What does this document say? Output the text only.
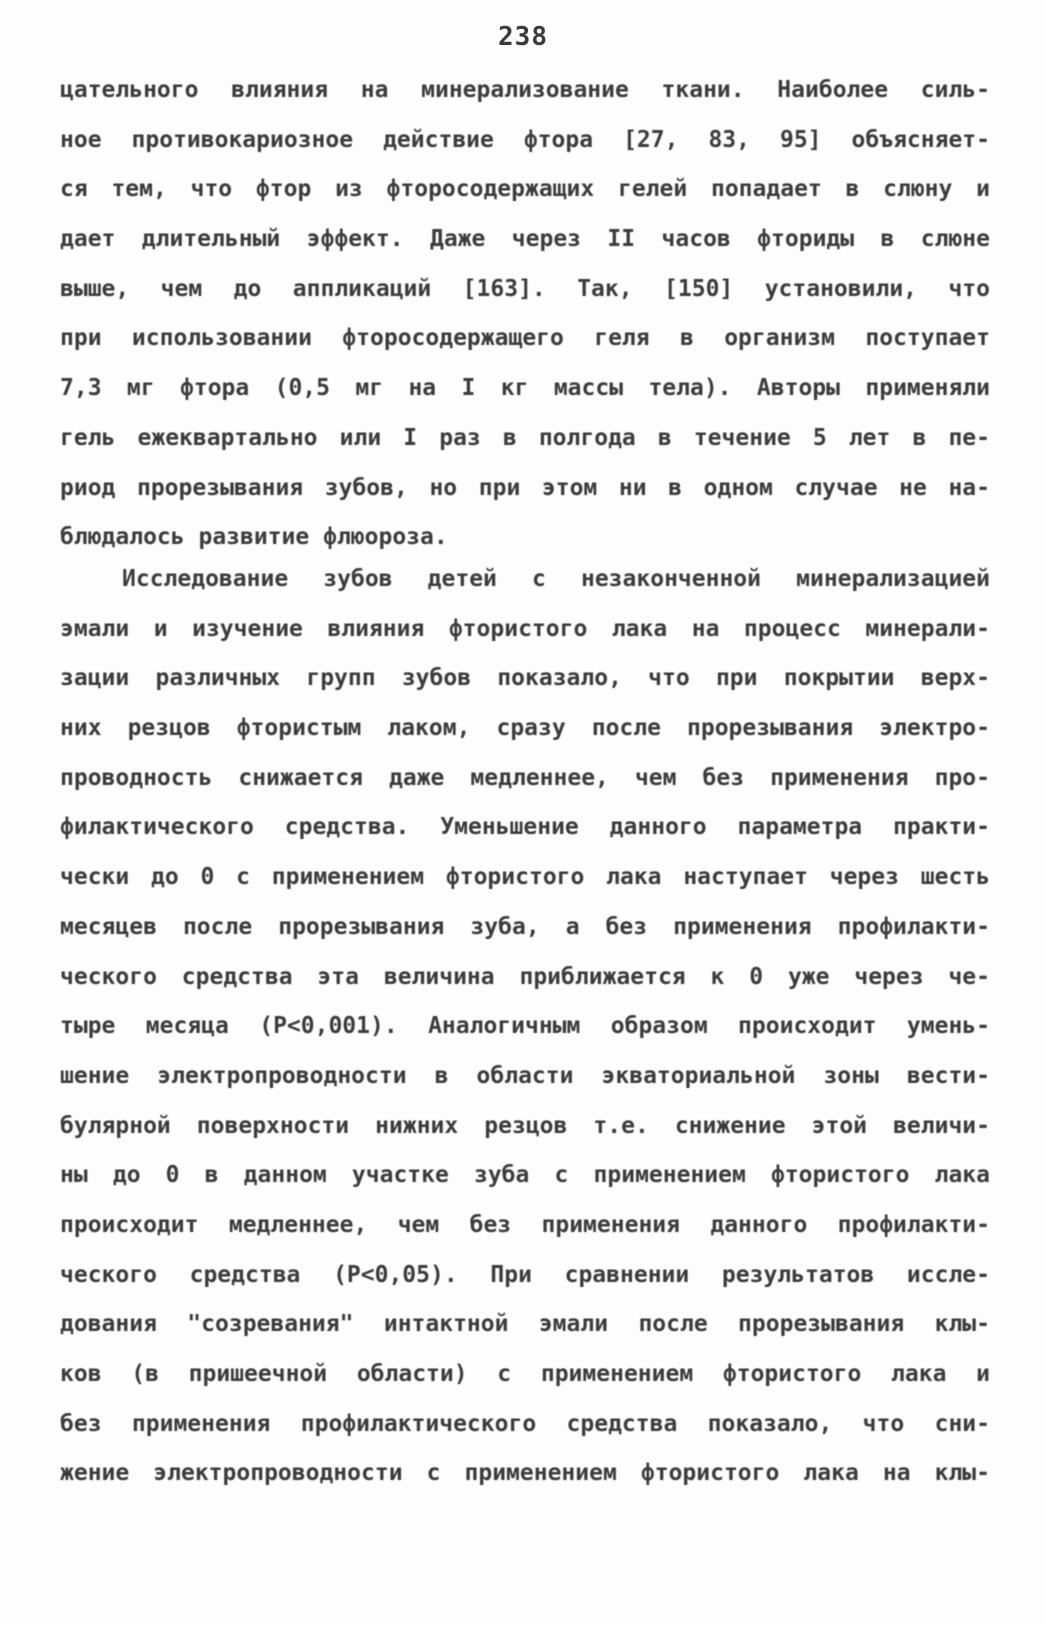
238
цательного влияния на минерализование ткани. Наиболее силь-
ное противокариозное действие фтора [27, 83, 95] объясняет-
ся тем, что фтор из фторосодержащих гелей попадает в слюну и
дает длительный эффект. Даже через II часов фториды в слюне
выше, чем до аппликаций [163]. Так, [150] установили, что
при использовании фторосодержащего геля в организм поступает
7,3 мг фтора (0,5 мг на I кг массы тела). Авторы применяли
гель ежеквартально или I раз в полгода в течение 5 лет в пе-
риод прорезывания зубов, но при этом ни в одном случае не на-
блюдалось развитие флюороза.
Исследование зубов детей с незаконченной минерализацией
эмали и изучение влияния фтористого лака на процесс минерали-
зации различных групп зубов показало, что при покрытии верх-
них резцов фтористым лаком, сразу после прорезывания электро-
проводность снижается даже медленнее, чем без применения про-
филактического средства. Уменьшение данного параметра практи-
чески до 0 с применением фтористого лака наступает через шесть
месяцев после прорезывания зуба, а без применения профилакти-
ческого средства эта величина приближается к 0 уже через че-
тыре месяца (Р<0,001). Аналогичным образом происходит умень-
шение электропроводности в области экваториальной зоны вести-
булярной поверхности нижних резцов т.е. снижение этой величи-
ны до 0 в данном участке зуба с применением фтористого лака
происходит медленнее, чем без применения данного профилакти-
ческого средства (Р<0,05). При сравнении результатов иссле-
дования "созревания" интактной эмали после прорезывания клы-
ков (в пришеечной области) с применением фтористого лака и
без применения профилактического средства показало, что сни-
жение электропроводности с применением фтористого лака на клы-
